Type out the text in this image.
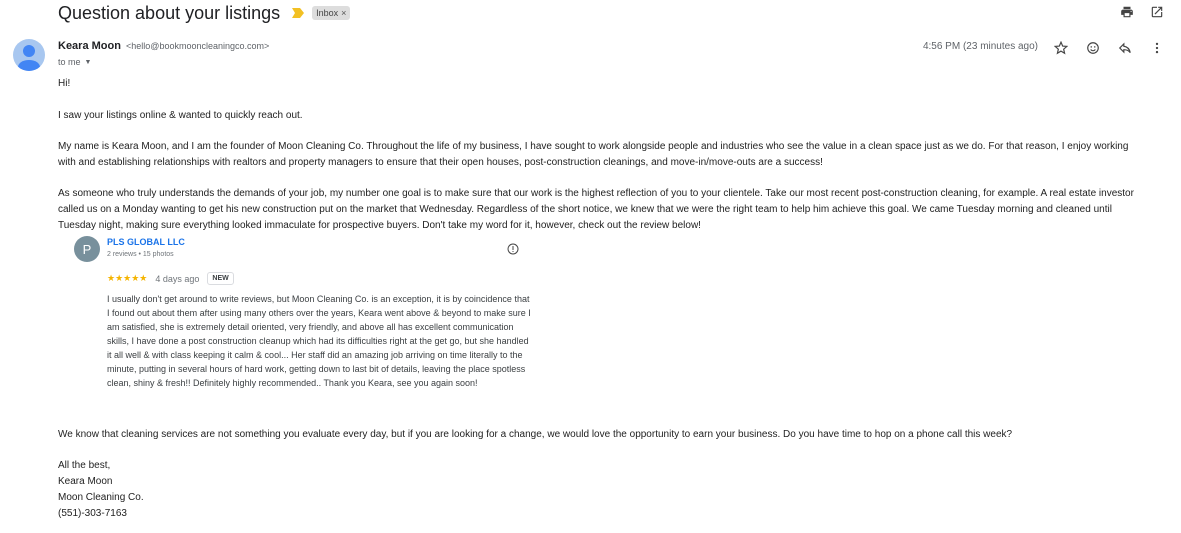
Question about your listings	Inbox ×
Keara Moon <hello@bookmooncleaningco.com>
to me ▼
4:56 PM (23 minutes ago)

Hi!

I saw your listings online & wanted to quickly reach out.

My name is Keara Moon, and I am the founder of Moon Cleaning Co. Throughout the life of my business, I have sought to work alongside people and industries who see the value in a clean space just as we do. For that reason, I enjoy working with and establishing relationships with realtors and property managers to ensure that their open houses, post-construction cleanings, and move-in/move-outs are a success!

As someone who truly understands the demands of your job, my number one goal is to make sure that our work is the highest reflection of you to your clientele. Take our most recent post-construction cleaning, for example. A real estate investor called us on a Monday wanting to get his new construction put on the market that Wednesday. Regardless of the short notice, we knew that we were the right team to help him achieve this goal. We came Tuesday morning and cleaned until Tuesday night, making sure everything looked immaculate for prospective buyers. Don't take my word for it, however, check out the review below!

P	PLS GLOBAL LLC
2 reviews • 15 photos
★★★★★ 4 days ago	NEW

I usually don't get around to write reviews, but Moon Cleaning Co. is an exception, it is by coincidence that I found out about them after using many others over the years, Keara went above & beyond to make sure I am satisfied, she is extremely detail oriented, very friendly, and above all has excellent communication skills, I have done a post construction cleanup which had its difficulties right at the get go, but she handled it all well & with class keeping it calm & cool... Her staff did an amazing job arriving on time literally to the minute, putting in several hours of hard work, getting down to last bit of details, leaving the place spotless clean, shiny & fresh!! Definitely highly recommended.. Thank you Keara, see you again soon!

We know that cleaning services are not something you evaluate every day, but if you are looking for a change, we would love the opportunity to earn your business. Do you have time to hop on a phone call this week?

All the best,
Keara Moon
Moon Cleaning Co.
(551)-303-7163
